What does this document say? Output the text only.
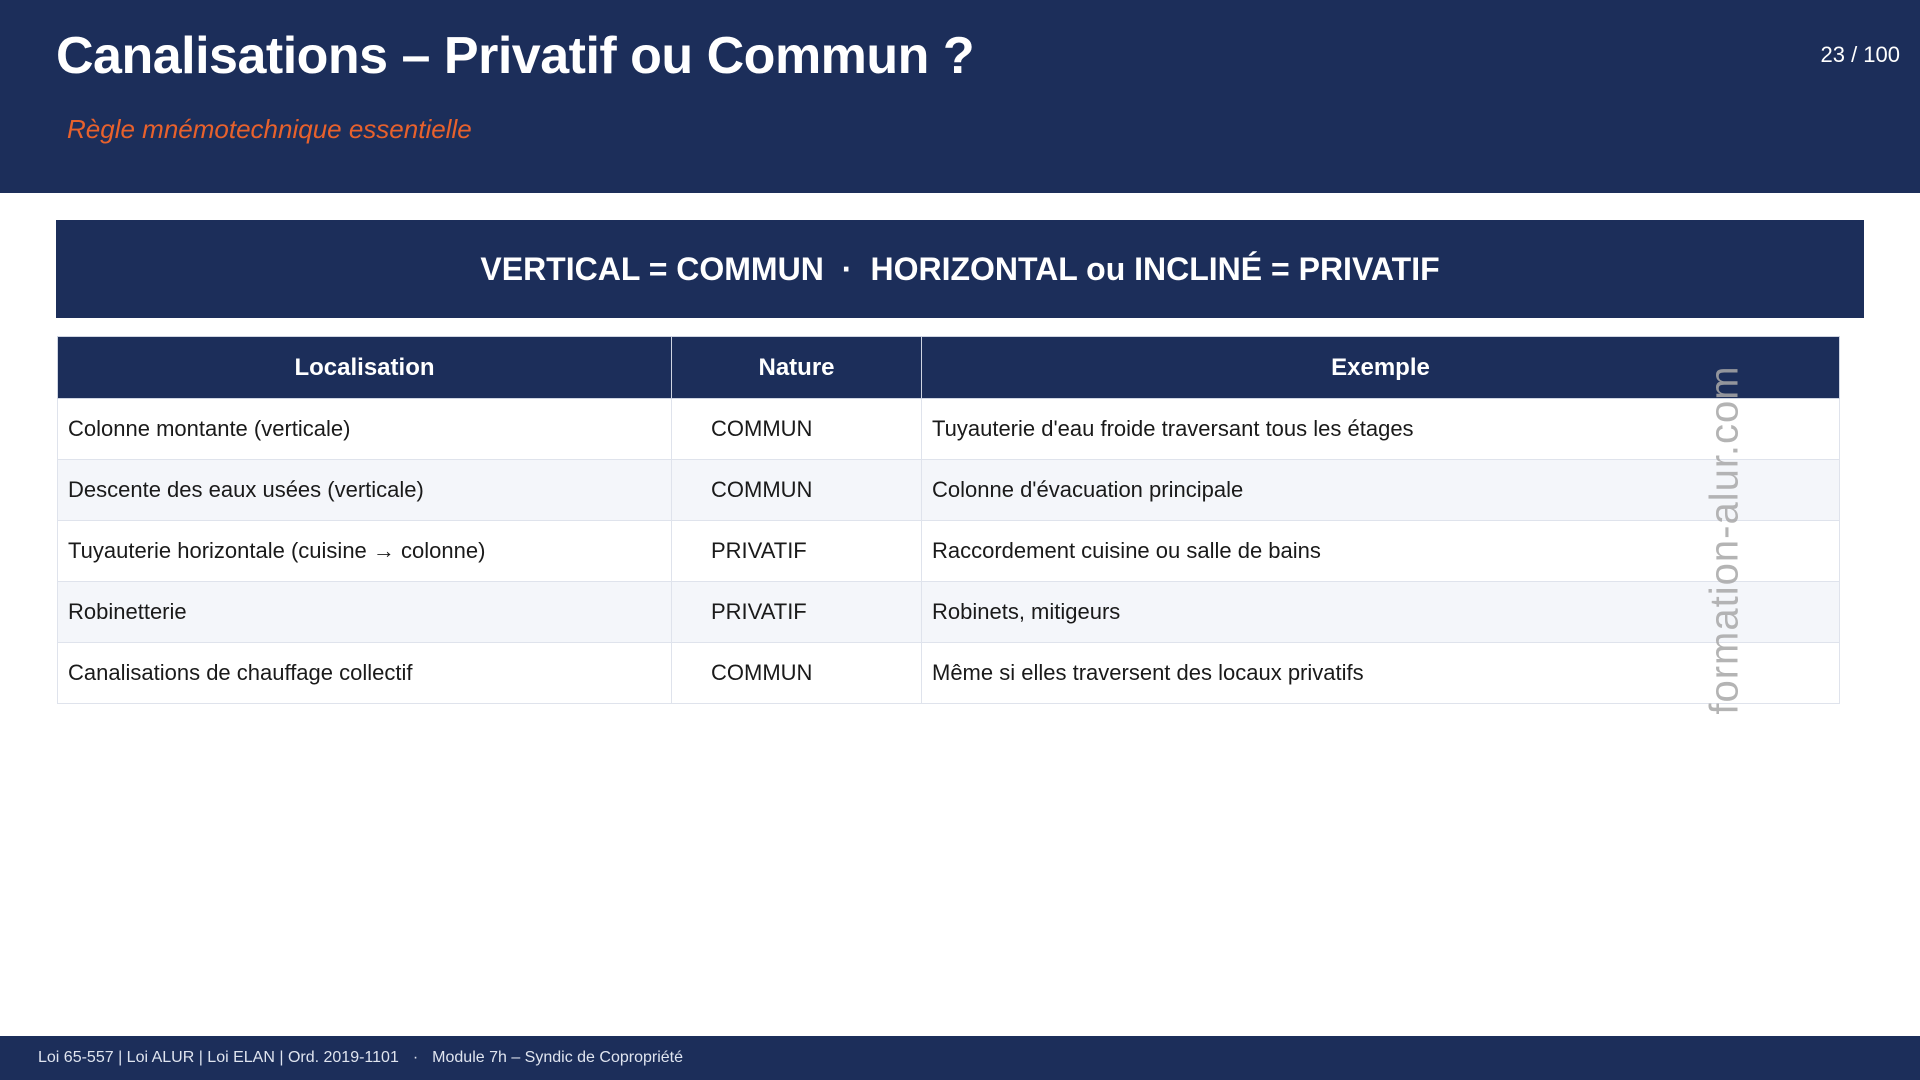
Canalisations – Privatif ou Commun ?
Règle mnémotechnique essentielle
23 / 100
VERTICAL = COMMUN · HORIZONTAL ou INCLINÉ = PRIVATIF
Localisation	Nature	Exemple
Colonne montante (verticale)	COMMUN	Tuyauterie d'eau froide traversant tous les étages
Descente des eaux usées (verticale)	COMMUN	Colonne d'évacuation principale
Tuyauterie horizontale (cuisine → colonne)	PRIVATIF	Raccordement cuisine ou salle de bains
Robinetterie	PRIVATIF	Robinets, mitigeurs
Canalisations de chauffage collectif	COMMUN	Même si elles traversent des locaux privatifs	formation-alur.com
Loi 65-557 | Loi ALUR | Loi ELAN | Ord. 2019-1101 · Module 7h – Syndic de Copropriété
